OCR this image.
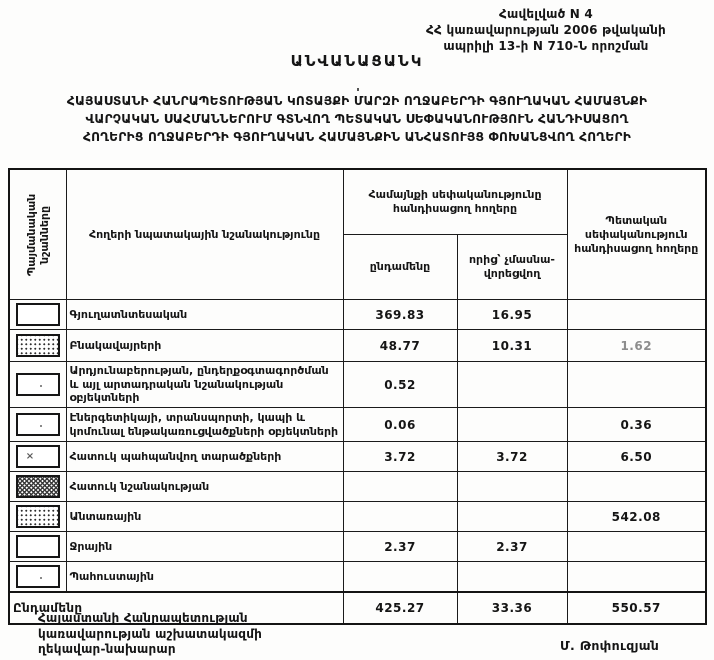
Հավելված N 4
ՀՀ կառավարության 2006 թվականի
ապրիլի 13-ի N 710-Ն որոշման
ԱՆՎԱՆԱՑԱՆԿ
ՀԱՅԱՍՏԱՆԻ ՀԱՆՐԱՊԵՏՈՒԹՅԱՆ ԿՈՏԱՅՔԻ ՄԱՐԶԻ ՈՂՋԱԲԵՐԴԻ ԳՅՈՒՂԱԿԱՆ ՀԱՄԱՅՆՔԻ
ՎԱՐՉԱԿԱՆ ՍԱՀՄԱՆՆԵՐՈՒՄ ԳՏՆՎՈՂ ՊԵՏԱԿԱՆ ՍԵՓԱԿԱՆՈՒԹՅՈՒՆ ՀԱՆԴԻՍԱՑՈՂ
ՀՈՂԵՐԻՑ ՈՂՋԱԲԵՐԴԻ ԳՅՈՒՂԱԿԱՆ ՀԱՄԱՅՆՔԻՆ ԱՆՀԱՏՈՒՅՑ ՓՈԽԱՆՑՎՈՂ ՀՈՂԵՐԻ
Պայմանական նշանները	Հողերի նպատակային նշանակությունը	Համայնքի սեփականությունը հանդիսացող հողերը		Պետական սեփականություն հանդիսացող հողերը
		ընդամենը	որից՝ չմասնա- վորեցվող	

	Գյուղատնտեսական	369.83	16.95	

	Բնակավայրերի	48.77	10.31	1.62

	Արդյունաբերության, ընդերքօգտագործման և այլ արտադրական նշանակության օբյեկտների	0.52		

	Էներգետիկայի, տրանսպորտի, կապի և կոմունալ ենթակառուցվածքների օբյեկտների	0.06		0.36

×
	Հատուկ պահպանվող տարածքների	3.72	3.72	6.50

	Հատուկ նշանակության			

	Անտառային			542.08

	Ջրային	2.37	2.37	

	Պահուստային			
Ընդամենը		425.27	33.36	550.57
Հայաստանի Հանրապետության
կառավարության աշխատակազմի
ղեկավար-նախարար	Մ. Թոփուզյան
